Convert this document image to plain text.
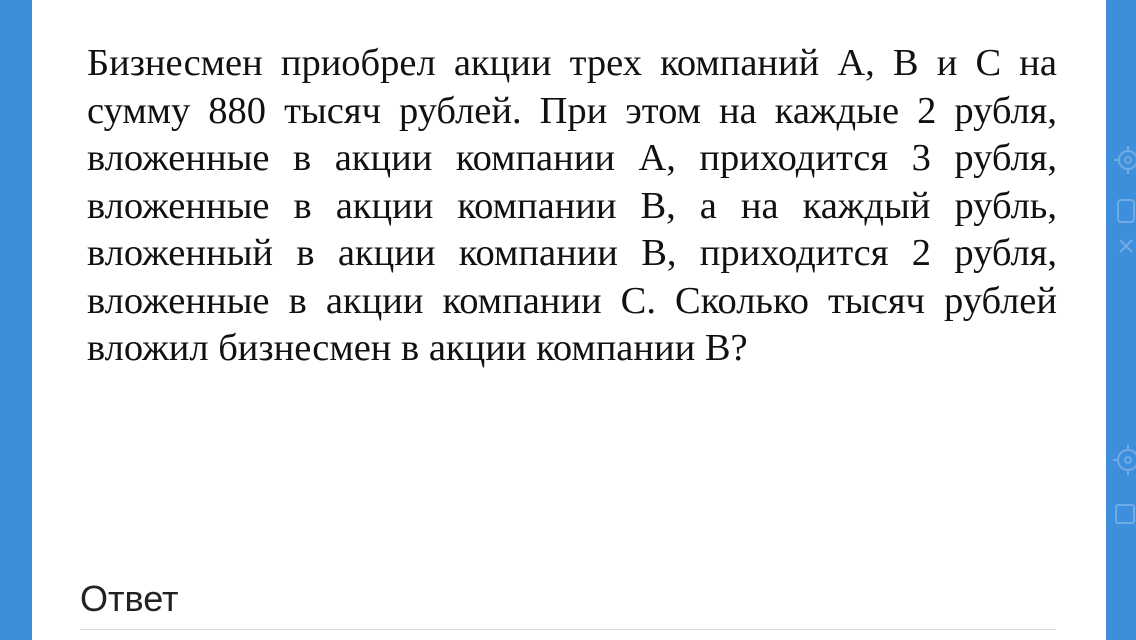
Бизнесмен приобрел акции трех компаний A, B и C на сумму 880 тысяч рублей. При этом на каждые 2 рубля, вложенные в акции компании A, приходится 3 рубля, вложенные в акции компании B, а на каждый рубль, вложенный в акции компании B, приходится 2 рубля, вложенные в акции компании C. Сколько тысяч рублей вложил бизнесмен в акции компании B?

Ответ
